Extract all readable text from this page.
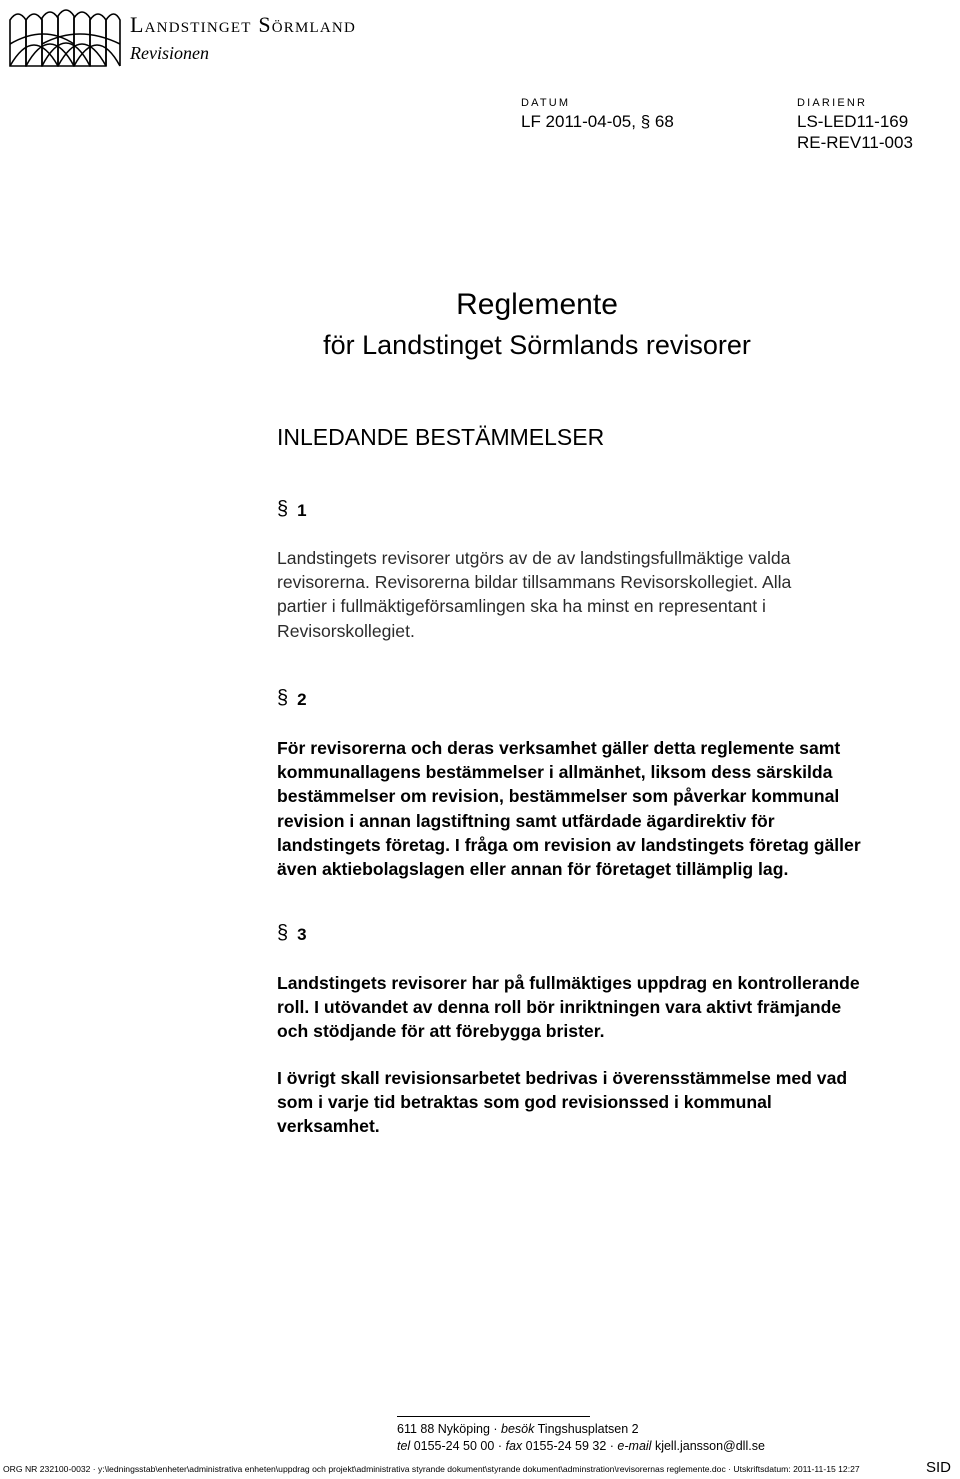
Landstinget Sörmland
Revisionen
DATUM
LF 2011-04-05, § 68
DIARIENR
LS-LED11-169
RE-REV11-003
Reglemente
för Landstinget Sörmlands revisorer
INLEDANDE BESTÄMMELSER
§ 1

Landstingets revisorer utgörs av de av landstingsfullmäktige valda
revisorerna. Revisorerna bildar tillsammans Revisorskollegiet. Alla
partier i fullmäktigeförsamlingen ska ha minst en representant i
Revisorskollegiet.

§ 2

För revisorerna och deras verksamhet gäller detta reglemente samt
kommunallagens bestämmelser i allmänhet, liksom dess särskilda
bestämmelser om revision, bestämmelser som påverkar kommunal
revision i annan lagstiftning samt utfärdade ägardirektiv för
landstingets företag. I fråga om revision av landstingets företag gäller
även aktiebolagslagen eller annan för företaget tillämplig lag.

§ 3

Landstingets revisorer har på fullmäktiges uppdrag en kontrollerande
roll. I utövandet av denna roll bör inriktningen vara aktivt främjande
och stödjande för att förebygga brister.

I övrigt skall revisionsarbetet bedrivas i överensstämmelse med vad
som i varje tid betraktas som god revisionssed i kommunal
verksamhet.

611 88 Nyköping · besök Tingshusplatsen 2
tel 0155-24 50 00 · fax 0155-24 59 32 · e-mail kjell.jansson@dll.se
ORG NR 232100-0032 · y:\ledningsstab\enheter\administrativa enheten\uppdrag och projekt\administrativa styrande dokument\styrande dokument\adminstration\revisorernas reglemente.doc · Utskriftsdatum: 2011-11-15 12:27	SID
